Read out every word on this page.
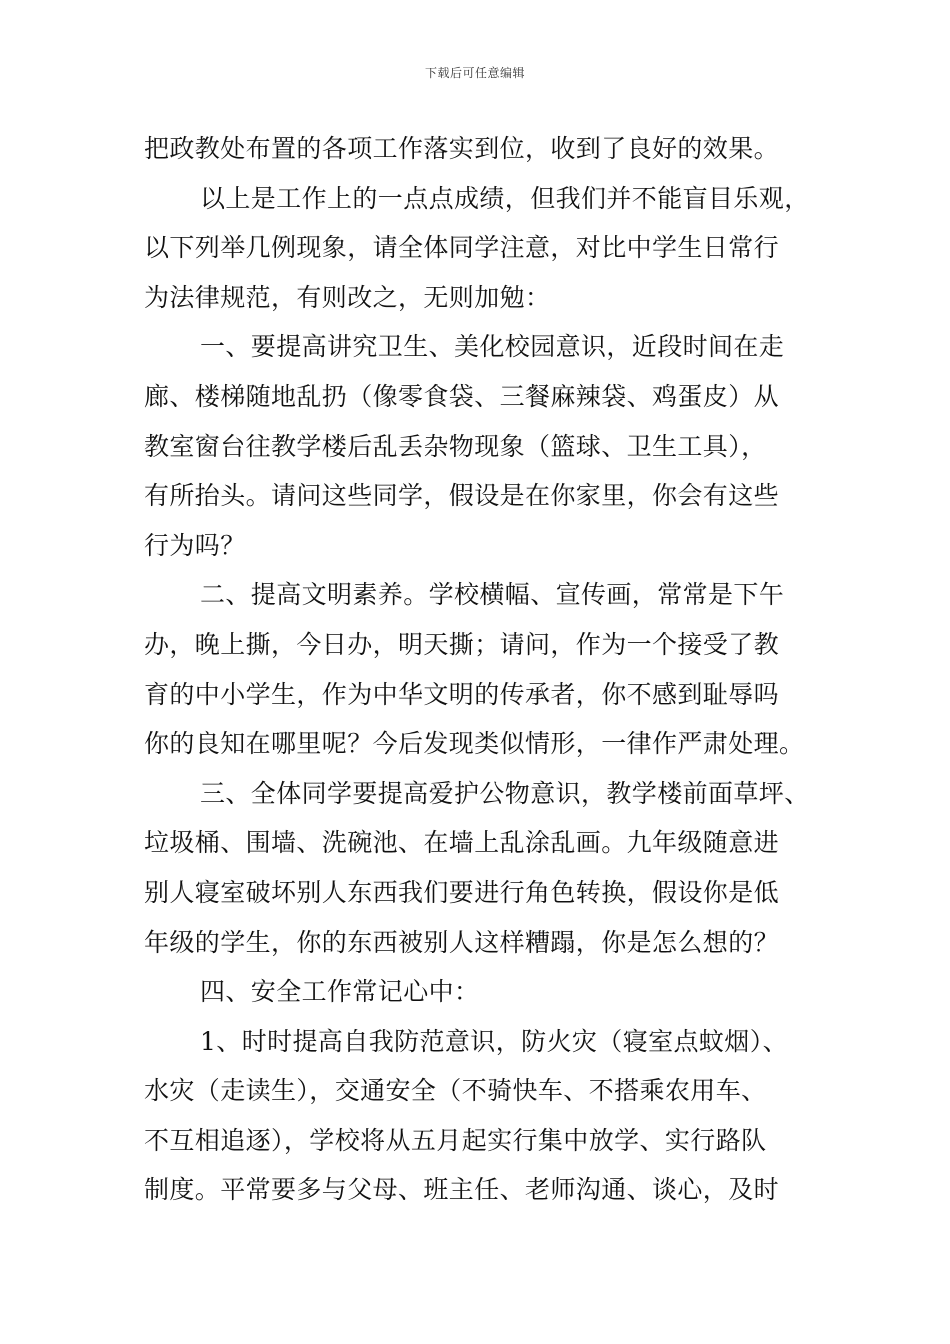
下载后可任意编辑
把政教处布置的各项工作落实到位，收到了良好的效果。
以上是工作上的一点点成绩，但我们并不能盲目乐观，
以下列举几例现象，请全体同学注意，对比中学生日常行
为法律规范，有则改之，无则加勉：
一、要提高讲究卫生、美化校园意识，近段时间在走
廊、楼梯随地乱扔（像零食袋、三餐麻辣袋、鸡蛋皮）从
教室窗台往教学楼后乱丢杂物现象（篮球、卫生工具），
有所抬头。请问这些同学，假设是在你家里，你会有这些
行为吗？
二、提高文明素养。学校横幅、宣传画，常常是下午
办，晚上撕，今日办，明天撕；请问，作为一个接受了教
育的中小学生，作为中华文明的传承者，你不感到耻辱吗
你的良知在哪里呢？今后发现类似情形，一律作严肃处理。
三、全体同学要提高爱护公物意识，教学楼前面草坪、
垃圾桶、围墙、洗碗池、在墙上乱涂乱画。九年级随意进
别人寝室破坏别人东西我们要进行角色转换，假设你是低
年级的学生，你的东西被别人这样糟蹋，你是怎么想的？
四、安全工作常记心中：
1、时时提高自我防范意识，防火灾（寝室点蚊烟）、
水灾（走读生），交通安全（不骑快车、不搭乘农用车、
不互相追逐），学校将从五月起实行集中放学、实行路队
制度。平常要多与父母、班主任、老师沟通、谈心，及时
